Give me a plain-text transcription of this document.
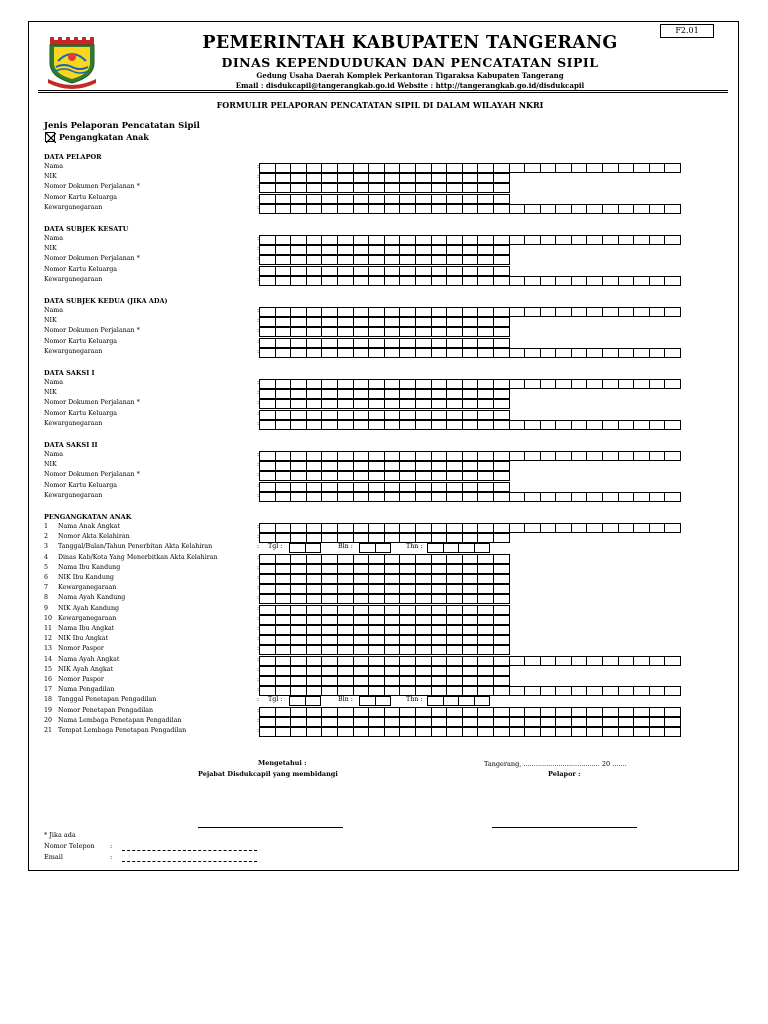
F2.01
PEMERINTAH KABUPATEN TANGERANG
DINAS KEPENDUDUKAN DAN PENCATATAN SIPIL
Gedung Usaha Daerah Komplek Perkantoran Tigaraksa Kabupaten Tangerang
Email : disdukcapil@tangerangkab.go.id Website : http://tangerangkab.go.id/disdukcapil
FORMULIR PELAPORAN PENCATATAN SIPIL DI DALAM WILAYAH NKRI
Jenis Pelaporan Pencatatan Sipil
Pengangkatan Anak
DATA PELAPOR
Nama	:
NIK	:
Nomor Dokumen Perjalanan *	:
Nomor Kartu Keluarga	:
Kewarganegaraan	:
DATA SUBJEK KESATU
Nama	:
NIK	:
Nomor Dokumen Perjalanan *	:
Nomor Kartu Keluarga	:
Kewarganegaraan	:
DATA SUBJEK KEDUA (JIKA ADA)
Nama	:
NIK	:
Nomor Dokumen Perjalanan *	:
Nomor Kartu Keluarga	:
Kewarganegaraan	:
DATA SAKSI I
Nama	:
NIK	:
Nomor Dokumen Perjalanan *	:
Nomor Kartu Keluarga	:
Kewarganegaraan	:
DATA SAKSI II
Nama	:
NIK	:
Nomor Dokumen Perjalanan *	:
Nomor Kartu Keluarga	:
Kewarganegaraan	:
PENGANGKATAN ANAK
1 Nama Anak Angkat	:
2 Nomor Akta Kelahiran	:
3 Tanggal/Bulan/Tahun Penerbitan Akta Kelahiran	: Tgl :	Bln :	Thn :
4 Dinas Kab/Kota Yang Menerbitkan Akta Kelahiran	:
5 Nama Ibu Kandung	:
6 NIK Ibu Kandung	:
7 Kewarganegaraan	:
8 Nama Ayah Kandung	:
9 NIK Ayah Kandung	:
10 Kewarganegaraan	:
11 Nama Ibu Angkat	:
12 NIK Ibu Angkat	:
13 Nomor Paspor	:
14 Nama Ayah Angkat	:
15 NIK Ayah Angkat	:
16 Nomor Paspor	:
17 Nama Pengadilan	:
18 Tanggal Penetapan Pengadilan	: Tgl :	Bln :	Thn :
19 Nomor Penetapan Pengadilan	:
20 Nama Lembaga Penetapan Pengadilan	:
21 Tempat Lembaga Penetapan Pengadilan	:
Mengetahui :
Pejabat Disdukcapil yang membidangi
Tangerang, ..................................... 20 .......
Pelapor :
* Jika ada
Nomor Telepon :
Email	:
